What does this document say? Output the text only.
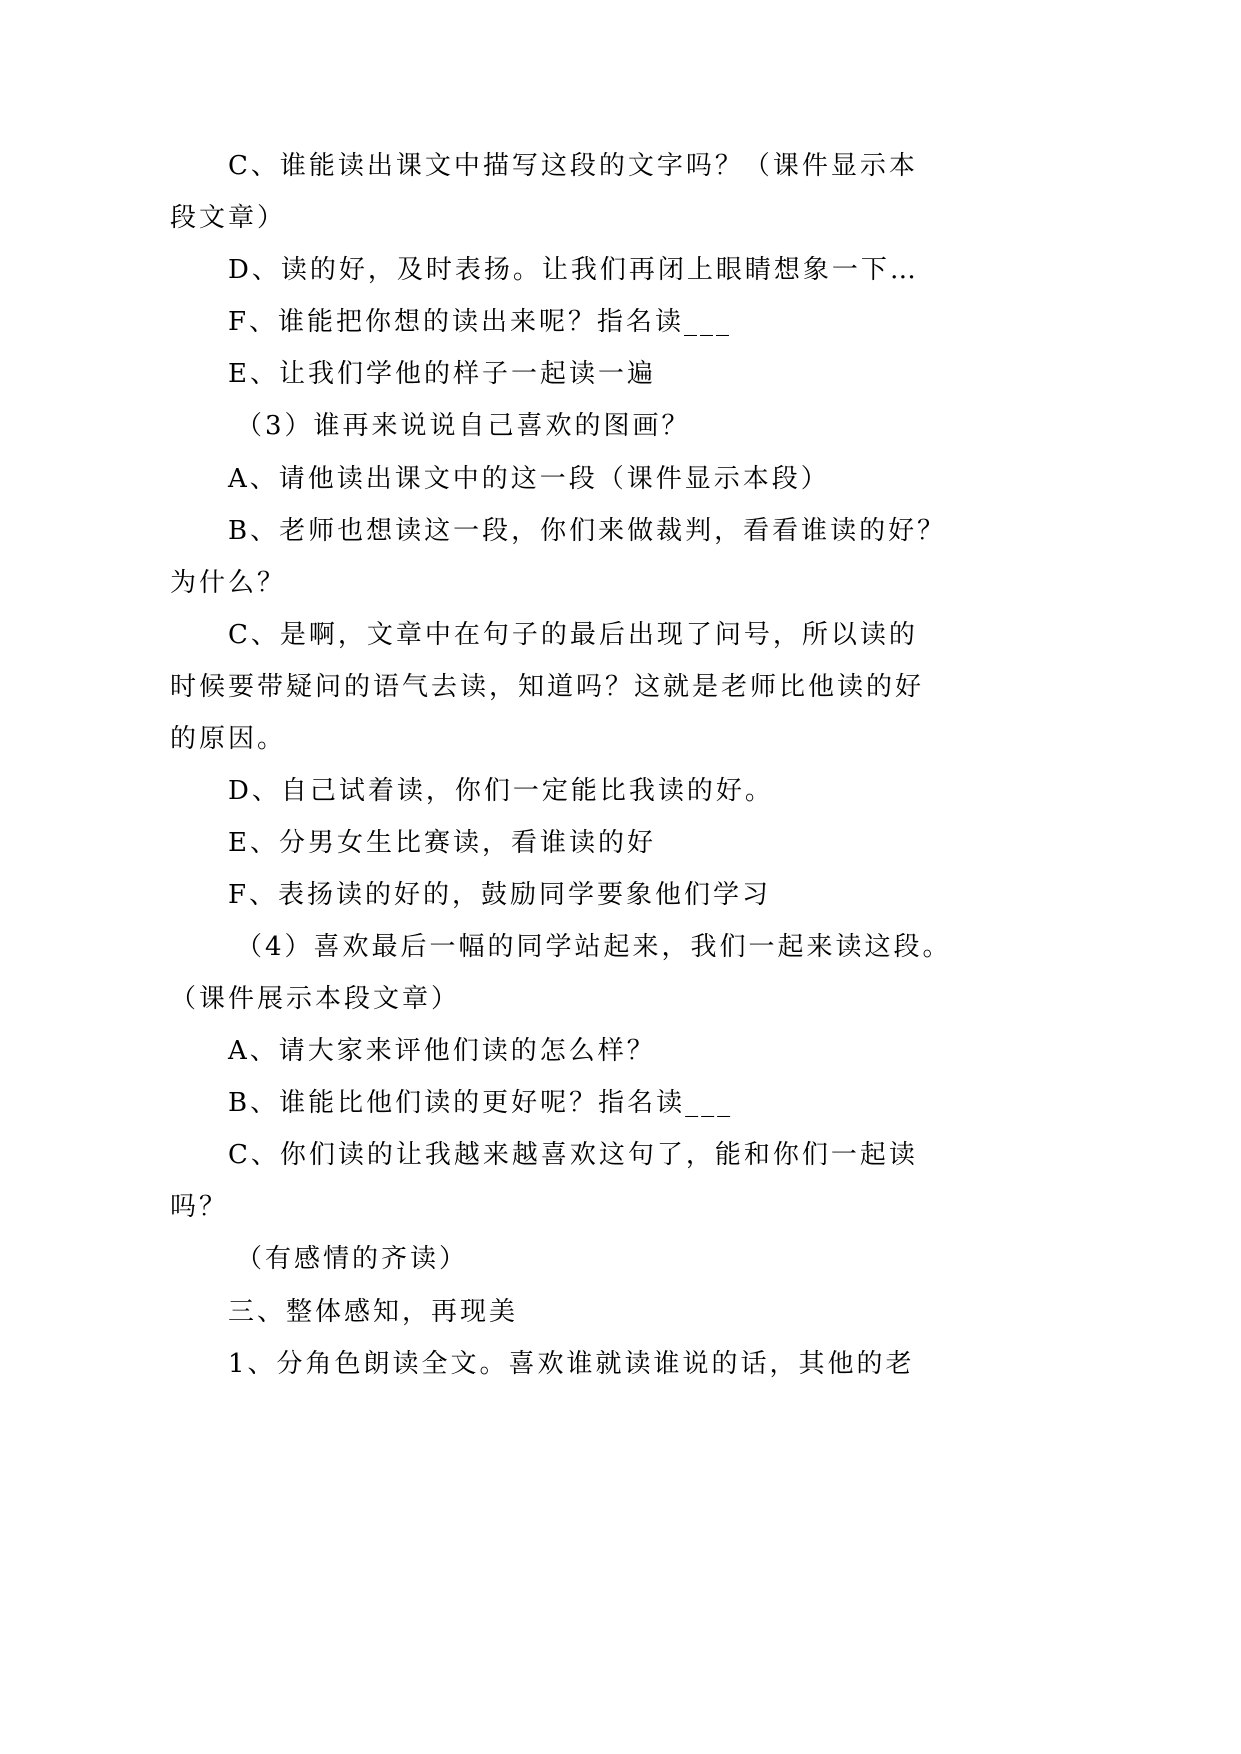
C、谁能读出课文中描写这段的文字吗？（课件显示本
段文章）
D、读的好，及时表扬。让我们再闭上眼睛想象一下…
F、谁能把你想的读出来呢？指名读___
E、让我们学他的样子一起读一遍
（3）谁再来说说自己喜欢的图画？
A、请他读出课文中的这一段（课件显示本段）
B、老师也想读这一段，你们来做裁判，看看谁读的好？
为什么？
C、是啊，文章中在句子的最后出现了问号，所以读的
时候要带疑问的语气去读，知道吗？这就是老师比他读的好
的原因。
D、自己试着读，你们一定能比我读的好。
E、分男女生比赛读，看谁读的好
F、表扬读的好的，鼓励同学要象他们学习
（4）喜欢最后一幅的同学站起来，我们一起来读这段。
（课件展示本段文章）
A、请大家来评他们读的怎么样？
B、谁能比他们读的更好呢？指名读___
C、你们读的让我越来越喜欢这句了，能和你们一起读
吗？
（有感情的齐读）
三、整体感知，再现美
1、分角色朗读全文。喜欢谁就读谁说的话，其他的老
